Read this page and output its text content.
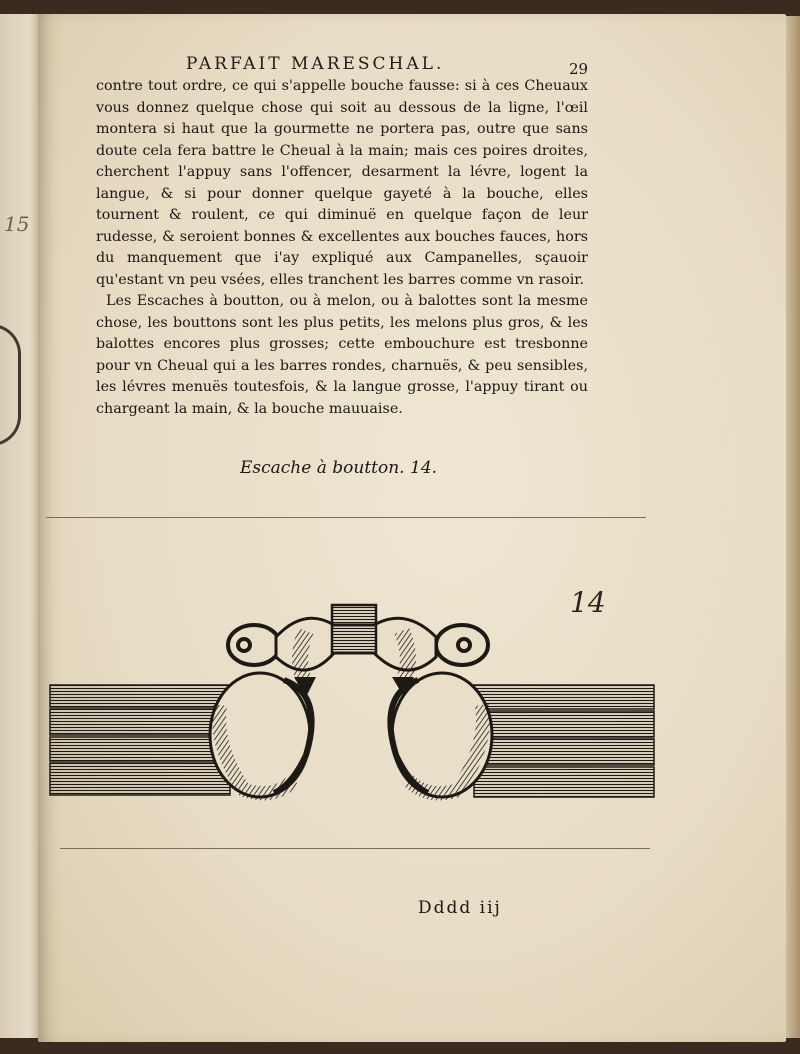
15
PARFAIT MARESCHAL.	29

contre tout ordre, ce qui s'appelle bouche fausse: si à ces Cheuaux vous donnez quelque chose qui soit au dessous de la ligne, l'œil montera si haut que la gourmette ne portera pas, outre que sans doute cela fera battre le Cheual à la main; mais ces poires droites, cherchent l'appuy sans l'offencer, desarment la lévre, logent la langue, & si pour donner quelque gayeté à la bouche, elles tournent & roulent, ce qui diminuë en quelque façon de leur rudesse, & seroient bonnes & excellentes aux bouches fauces, hors du manquement que i'ay expliqué aux Campanelles, sçauoir qu'estant vn peu vsées, elles tranchent les barres comme vn rasoir.

Les Escaches à boutton, ou à melon, ou à balottes sont la mesme chose, les bouttons sont les plus petits, les melons plus gros, & les balottes encores plus grosses; cette embouchure est tresbonne pour vn Cheual qui a les barres rondes, charnuës, & peu sensibles, les lévres menuës toutesfois, & la langue grosse, l'appuy tirant ou chargeant la main, & la bouche mauuaise.

Escache à boutton. 14.
14
Dddd iij
